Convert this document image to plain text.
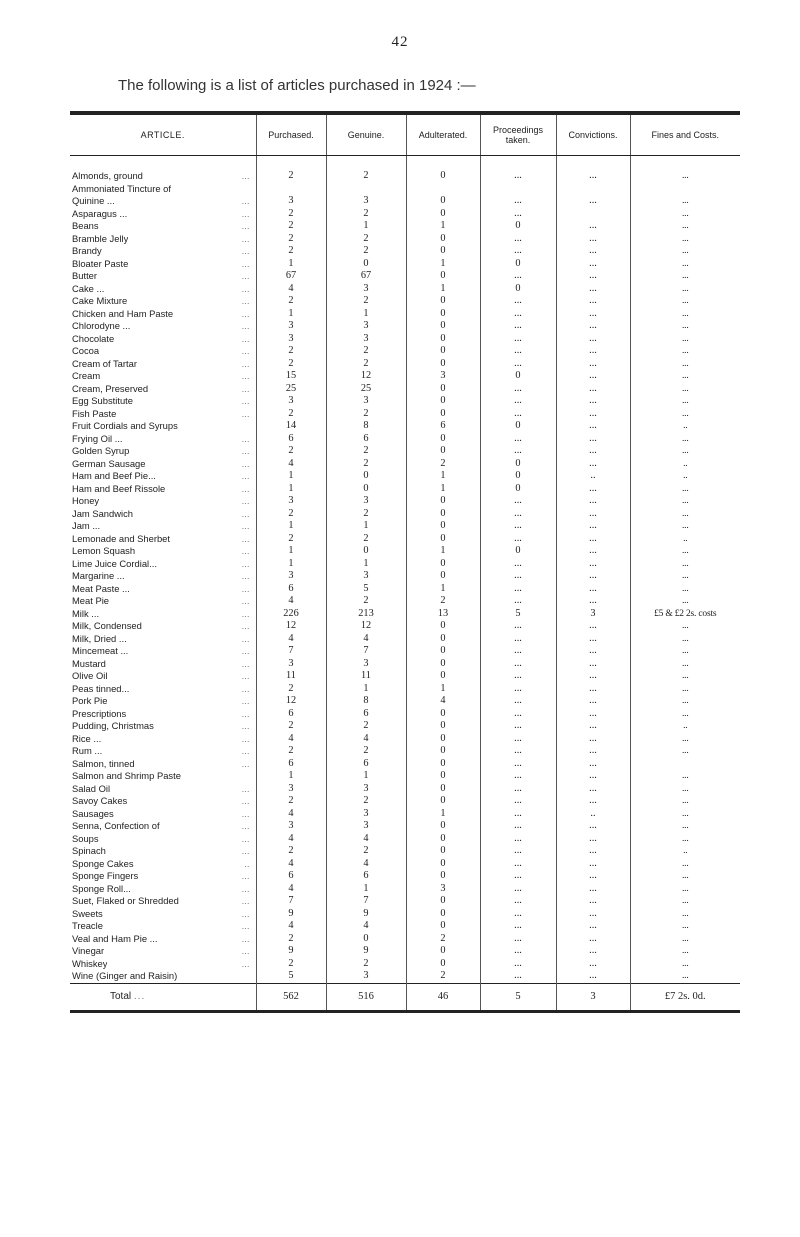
42
The following is a list of articles purchased in 1924 :—

ARTICLE.	Purchased.	Genuine.	Adulterated.	Proceedings taken.	Convictions.	Fines and Costs.

Almonds, ground ...	2	2	0	...	...	...

Ammoniated Tincture of						

Quinine ... ...	3	3	0	...	...	...

Asparagus ... ...	2	2	0	...		...

Beans ...	2	1	1	0	...	...

Bramble Jelly ...	2	2	0	...	...	...

Brandy ...	2	2	0	...	...	...

Bloater Paste ...	1	0	1	0	...	...

Butter ...	67	67	0	...	...	...

Cake ... ...	4	3	1	0	...	...

Cake Mixture ...	2	2	0	...	...	...

Chicken and Ham Paste ...	1	1	0	...	...	...

Chlorodyne ... ...	3	3	0	...	...	...

Chocolate ...	3	3	0	...	...	...

Cocoa ...	2	2	0	...	...	...

Cream of Tartar ...	2	2	0	...	...	...

Cream ...	15	12	3	0	...	...

Cream, Preserved ...	25	25	0	...	...	...

Egg Substitute ...	3	3	0	...	...	...

Fish Paste ...	2	2	0	...	...	...

Fruit Cordials and Syrups	14	8	6	0	...	..

Frying Oil ... ...	6	6	0	...	...	...

Golden Syrup ...	2	2	0	...	...	...

German Sausage ...	4	2	2	0	...	..

Ham and Beef Pie... ...	1	0	1	0	..	..

Ham and Beef Rissole ...	1	0	1	0	...	...

Honey ...	3	3	0	...	...	...

Jam Sandwich ...	2	2	0	...	...	...

Jam ... ...	1	1	0	...	...	...

Lemonade and Sherbet ...	2	2	0	...	...	..

Lemon Squash ...	1	0	1	0	...	...

Lime Juice Cordial... ...	1	1	0	...	...	...

Margarine ... ...	3	3	0	...	...	...

Meat Paste ... ...	6	5	1	...	...	...

Meat Pie ...	4	2	2	...	...	...

Milk ... ...	226	213	13	5	3	£5 & £2 2s. costs

Milk, Condensed ...	12	12	0	...	...	...

Milk, Dried ... ...	4	4	0	...	...	...

Mincemeat ... ...	7	7	0	...	...	...

Mustard ...	3	3	0	...	...	...

Olive Oil ...	11	11	0	...	...	...

Peas tinned... ...	2	1	1	...	...	...

Pork Pie ...	12	8	4	...	...	...

Prescriptions ...	6	6	0	...	...	...

Pudding, Christmas ...	2	2	0	...	...	..

Rice ... ...	4	4	0	...	...	...

Rum ... ...	2	2	0	...	...	...

Salmon, tinned ...	6	6	0	...	...	

Salmon and Shrimp Paste	1	1	0	...	...	...

Salad Oil ...	3	3	0	...	...	...

Savoy Cakes ...	2	2	0	...	...	...

Sausages ...	4	3	1	...	..	...

Senna, Confection of ...	3	3	0	...	...	...

Soups ...	4	4	0	...	...	...

Spinach ...	2	2	0	...	...	..

Sponge Cakes ..	4	4	0	...	...	...

Sponge Fingers ...	6	6	0	...	...	...

Sponge Roll... ...	4	1	3	...	...	...

Suet, Flaked or Shredded ...	7	7	0	...	...	...

Sweets ...	9	9	0	...	...	...

Treacle ...	4	4	0	...	...	...

Veal and Ham Pie ... ...	2	0	2	...	...	...

Vinegar ...	9	9	0	...	...	...

Whiskey ...	2	2	0	...	...	...

Wine (Ginger and Raisin)	5	3	2	...	...	...
Total ...	562	516	46	5	3	£7 2s. 0d.
